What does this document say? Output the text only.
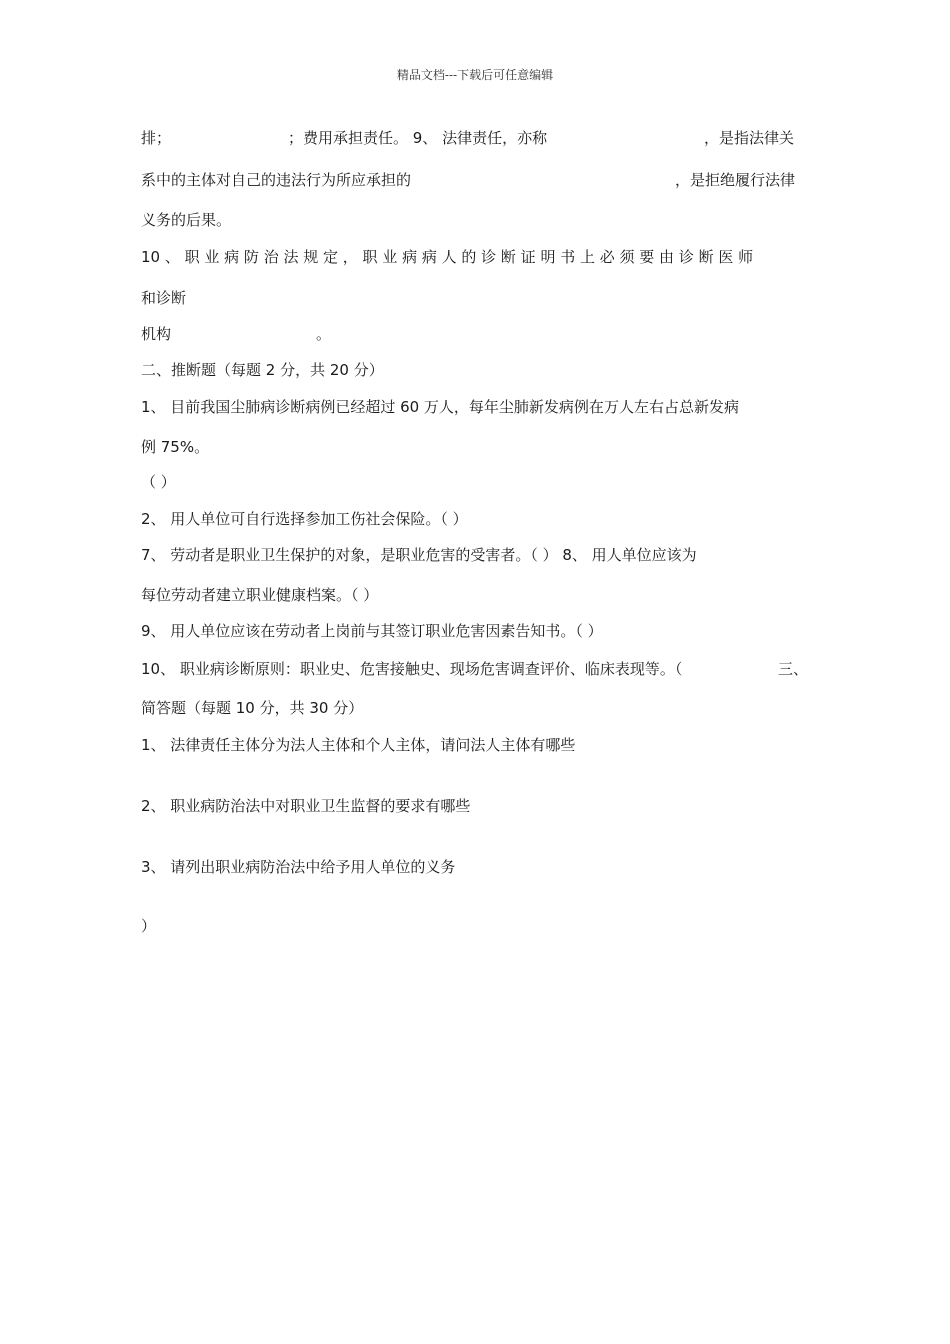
精品文档---下载后可任意编辑
排；	；费用承担责任。 9、 法律责任，亦称	，是指法律关
系中的主体对自己的违法行为所应承担的	，是拒绝履行法律
义务的后果。
10 、 职 业 病 防 治 法 规 定 ， 职 业 病 病 人 的 诊 断 证 明 书 上 必 须 要 由 诊 断 医 师
和诊断
机构	。
二、推断题（每题 2 分，共 20 分）
1、 目前我国尘肺病诊断病例已经超过 60 万人，每年尘肺新发病例在万人左右占总新发病
例 75%。
（ ）
2、 用人单位可自行选择参加工伤社会保险。（ ）
7、 劳动者是职业卫生保护的对象，是职业危害的受害者。（ ） 8、 用人单位应该为
每位劳动者建立职业健康档案。（ ）
9、 用人单位应该在劳动者上岗前与其签订职业危害因素告知书。（ ）
10、 职业病诊断原则：职业史、危害接触史、现场危害调查评价、临床表现等。（	三、
简答题（每题 10 分，共 30 分）
1、 法律责任主体分为法人主体和个人主体，请问法人主体有哪些
2、 职业病防治法中对职业卫生监督的要求有哪些
3、 请列出职业病防治法中给予用人单位的义务
）
